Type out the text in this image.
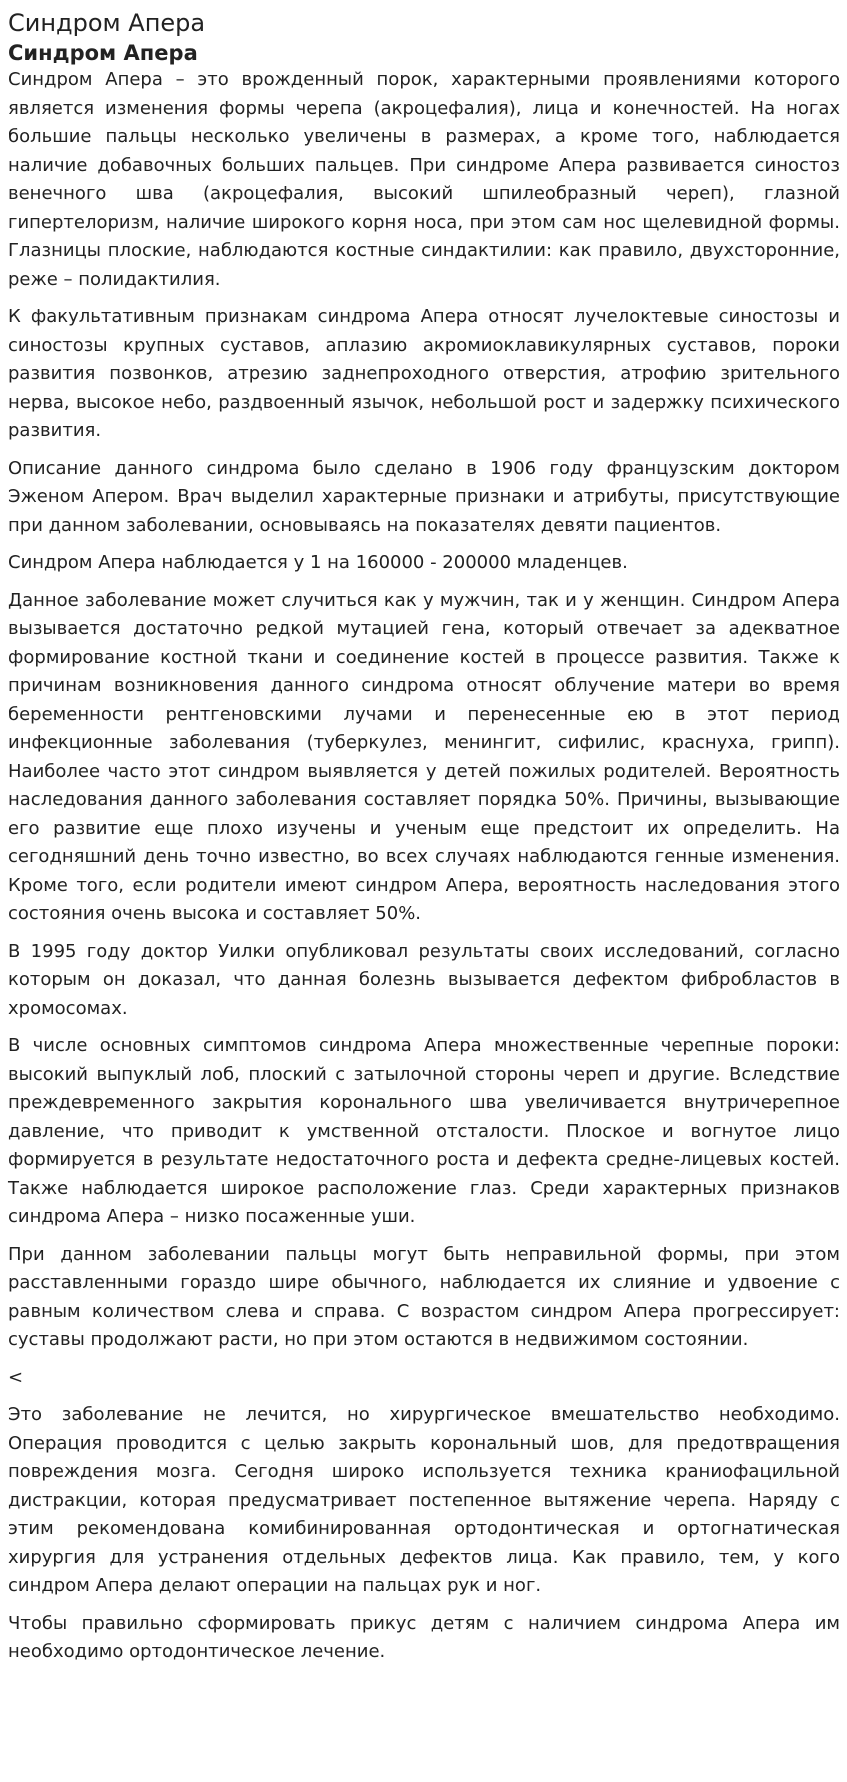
Синдром Апера
Синдром Апера

Синдром Апера – это врожденный порок, характерными проявлениями которого является изменения формы черепа (акроцефалия), лица и конечностей. На ногах большие пальцы несколько увеличены в размерах, а кроме того, наблюдается наличие добавочных больших пальцев. При синдроме Апера развивается синостоз венечного шва (акроцефалия, высокий шпилеобразный череп), глазной гипертелоризм, наличие широкого корня носа, при этом сам нос щелевидной формы. Глазницы плоские, наблюдаются костные синдактилии: как правило, двухсторонние, реже – полидактилия.

К факультативным признакам синдрома Апера относят лучелоктевые синостозы и синостозы крупных суставов, аплазию акромиоклавикулярных суставов, пороки развития позвонков, атрезию заднепроходного отверстия, атрофию зрительного нерва, высокое небо, раздвоенный язычок, небольшой рост и задержку психического развития.

Описание данного синдрома было сделано в 1906 году французским доктором Эженом Апером. Врач выделил характерные признаки и атрибуты, присутствующие при данном заболевании, основываясь на показателях девяти пациентов.

Синдром Апера наблюдается у 1 на 160000 - 200000 младенцев.

Данное заболевание может случиться как у мужчин, так и у женщин. Синдром Апера вызывается достаточно редкой мутацией гена, который отвечает за адекватное формирование костной ткани и соединение костей в процессе развития. Также к причинам возникновения данного синдрома относят облучение матери во время беременности рентгеновскими лучами и перенесенные ею в этот период инфекционные заболевания (туберкулез, менингит, сифилис, краснуха, грипп). Наиболее часто этот синдром выявляется у детей пожилых родителей. Вероятность наследования данного заболевания составляет порядка 50%. Причины, вызывающие его развитие еще плохо изучены и ученым еще предстоит их определить. На сегодняшний день точно известно, во всех случаях наблюдаются генные изменения. Кроме того, если родители имеют синдром Апера, вероятность наследования этого состояния очень высока и составляет 50%.

В 1995 году доктор Уилки опубликовал результаты своих исследований, согласно которым он доказал, что данная болезнь вызывается дефектом фибробластов в хромосомах.

В числе основных симптомов синдрома Апера множественные черепные пороки: высокий выпуклый лоб, плоский с затылочной стороны череп и другие. Вследствие преждевременного закрытия коронального шва увеличивается внутричерепное давление, что приводит к умственной отсталости. Плоское и вогнутое лицо формируется в результате недостаточного роста и дефекта средне-лицевых костей. Также наблюдается широкое расположение глаз. Среди характерных признаков синдрома Апера – низко посаженные уши.

При данном заболевании пальцы могут быть неправильной формы, при этом расставленными гораздо шире обычного, наблюдается их слияние и удвоение с равным количеством слева и справа. С возрастом синдром Апера прогрессирует: суставы продолжают расти, но при этом остаются в недвижимом состоянии.

<

Это заболевание не лечится, но хирургическое вмешательство необходимо. Операция проводится с целью закрыть корональный шов, для предотвращения повреждения мозга. Сегодня широко используется техника краниофацильной дистракции, которая предусматривает постепенное вытяжение черепа. Наряду с этим рекомендована комибинированная ортодонтическая и ортогнатическая хирургия для устранения отдельных дефектов лица. Как правило, тем, у кого синдром Апера делают операции на пальцах рук и ног.

Чтобы правильно сформировать прикус детям с наличием синдрома Апера им необходимо ортодонтическое лечение.
